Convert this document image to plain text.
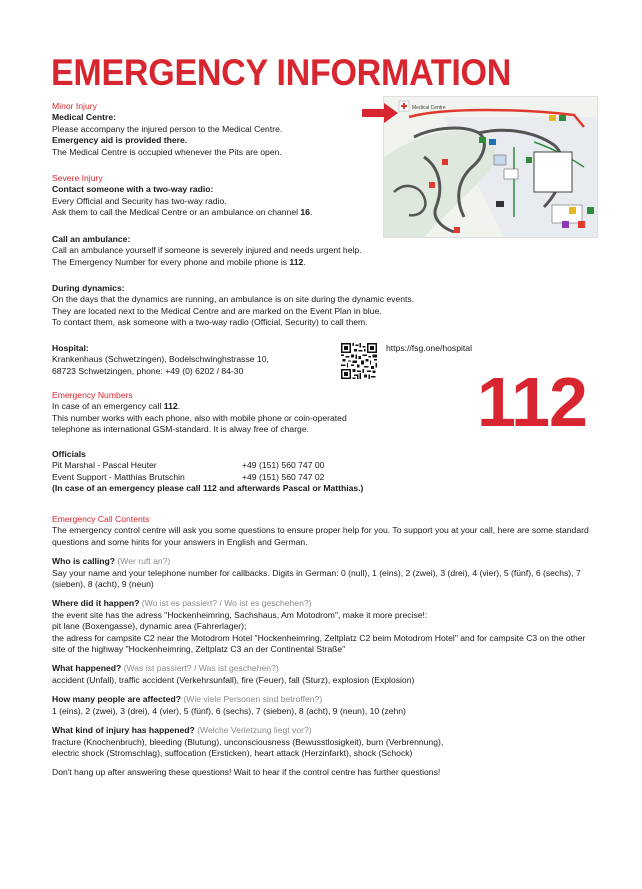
EMERGENCY INFORMATION
Minor Injury
Medical Centre:
Please accompany the injured person to the Medical Centre.
Emergency aid is provided there.
The Medical Centre is occupied whenever the Pits are open.
Severe Injury
Contact someone with a two-way radio:
Every Official and Security has two-way radio.
Ask them to call the Medical Centre or an ambulance on channel 16.
Call an ambulance:
Call an ambulance yourself if someone is severely injured and needs urgent help.
The Emergency Number for every phone and mobile phone is 112.
During dynamics:
On the days that the dynamics are running, an ambulance is on site during the dynamic events.
They are located next to the Medical Centre and are marked on the Event Plan in blue.
To contact them, ask someone with a two-way radio (Official, Security) to call them.
Hospital:
Krankenhaus (Schwetzingen), Bodelschwinghstrasse 10,
68723 Schwetzingen, phone: +49 (0) 6202 / 84-30
https://fsg.one/hospital
Medical Centre
Emergency Numbers
In case of an emergency call 112.
This number works with each phone, also with mobile phone or coin-operated
telephone as international GSM-standard. It is alway free of charge.	112
Officials
Pit Marshal - Pascal Heuter	+49 (151) 560 747 00
Event Support - Matthias Brutschin	+49 (151) 560 747 02
(In case of an emergency please call 112 and afterwards Pascal or Matthias.)
Emergency Call Contents
The emergency control centre will ask you some questions to ensure proper help for you. To support you at your call, here are some standard questions and some hints for your answers in English and German.
Who is calling? (Wer ruft an?)
Say your name and your telephone number for callbacks. Digits in German: 0 (null), 1 (eins), 2 (zwei), 3 (drei), 4 (vier), 5 (fünf), 6 (sechs), 7 (sieben), 8 (acht), 9 (neun)
Where did it happen? (Wo ist es passiert? / Wo ist es geschehen?)
the event site has the adress "Hockenheimring, Sachshaus, Am Motodrom", make it more precise!:
pit lane (Boxengasse), dynamic area (Fahrerlager);
the adress for campsite C2 near the Motodrom Hotel "Hockenheimring, Zeltplatz C2 beim Motodrom Hotel" and for campsite C3 on the other site of the highway "Hockenheimring, Zeltplatz C3 an der Continental Straße"
What happened? (Was ist passiert? / Was ist geschehen?)
accident (Unfall), traffic accident (Verkehrsunfall), fire (Feuer), fall (Sturz), explosion (Explosion)
How many people are affected? (Wie viele Personen sind betroffen?)
1 (eins), 2 (zwei), 3 (drei), 4 (vier), 5 (fünf), 6 (sechs), 7 (sieben), 8 (acht), 9 (neun), 10 (zehn)
What kind of injury has happened? (Welche Verletzung liegt vor?)
fracture (Knochenbruch), bleeding (Blutung), unconsciousness (Bewusstlosigkeit), burn (Verbrennung),
electric shock (Stromschlag), suffocation (Ersticken), heart attack (Herzinfarkt), shock (Schock)
Don't hang up after answering these questions! Wait to hear if the control centre has further questions!
